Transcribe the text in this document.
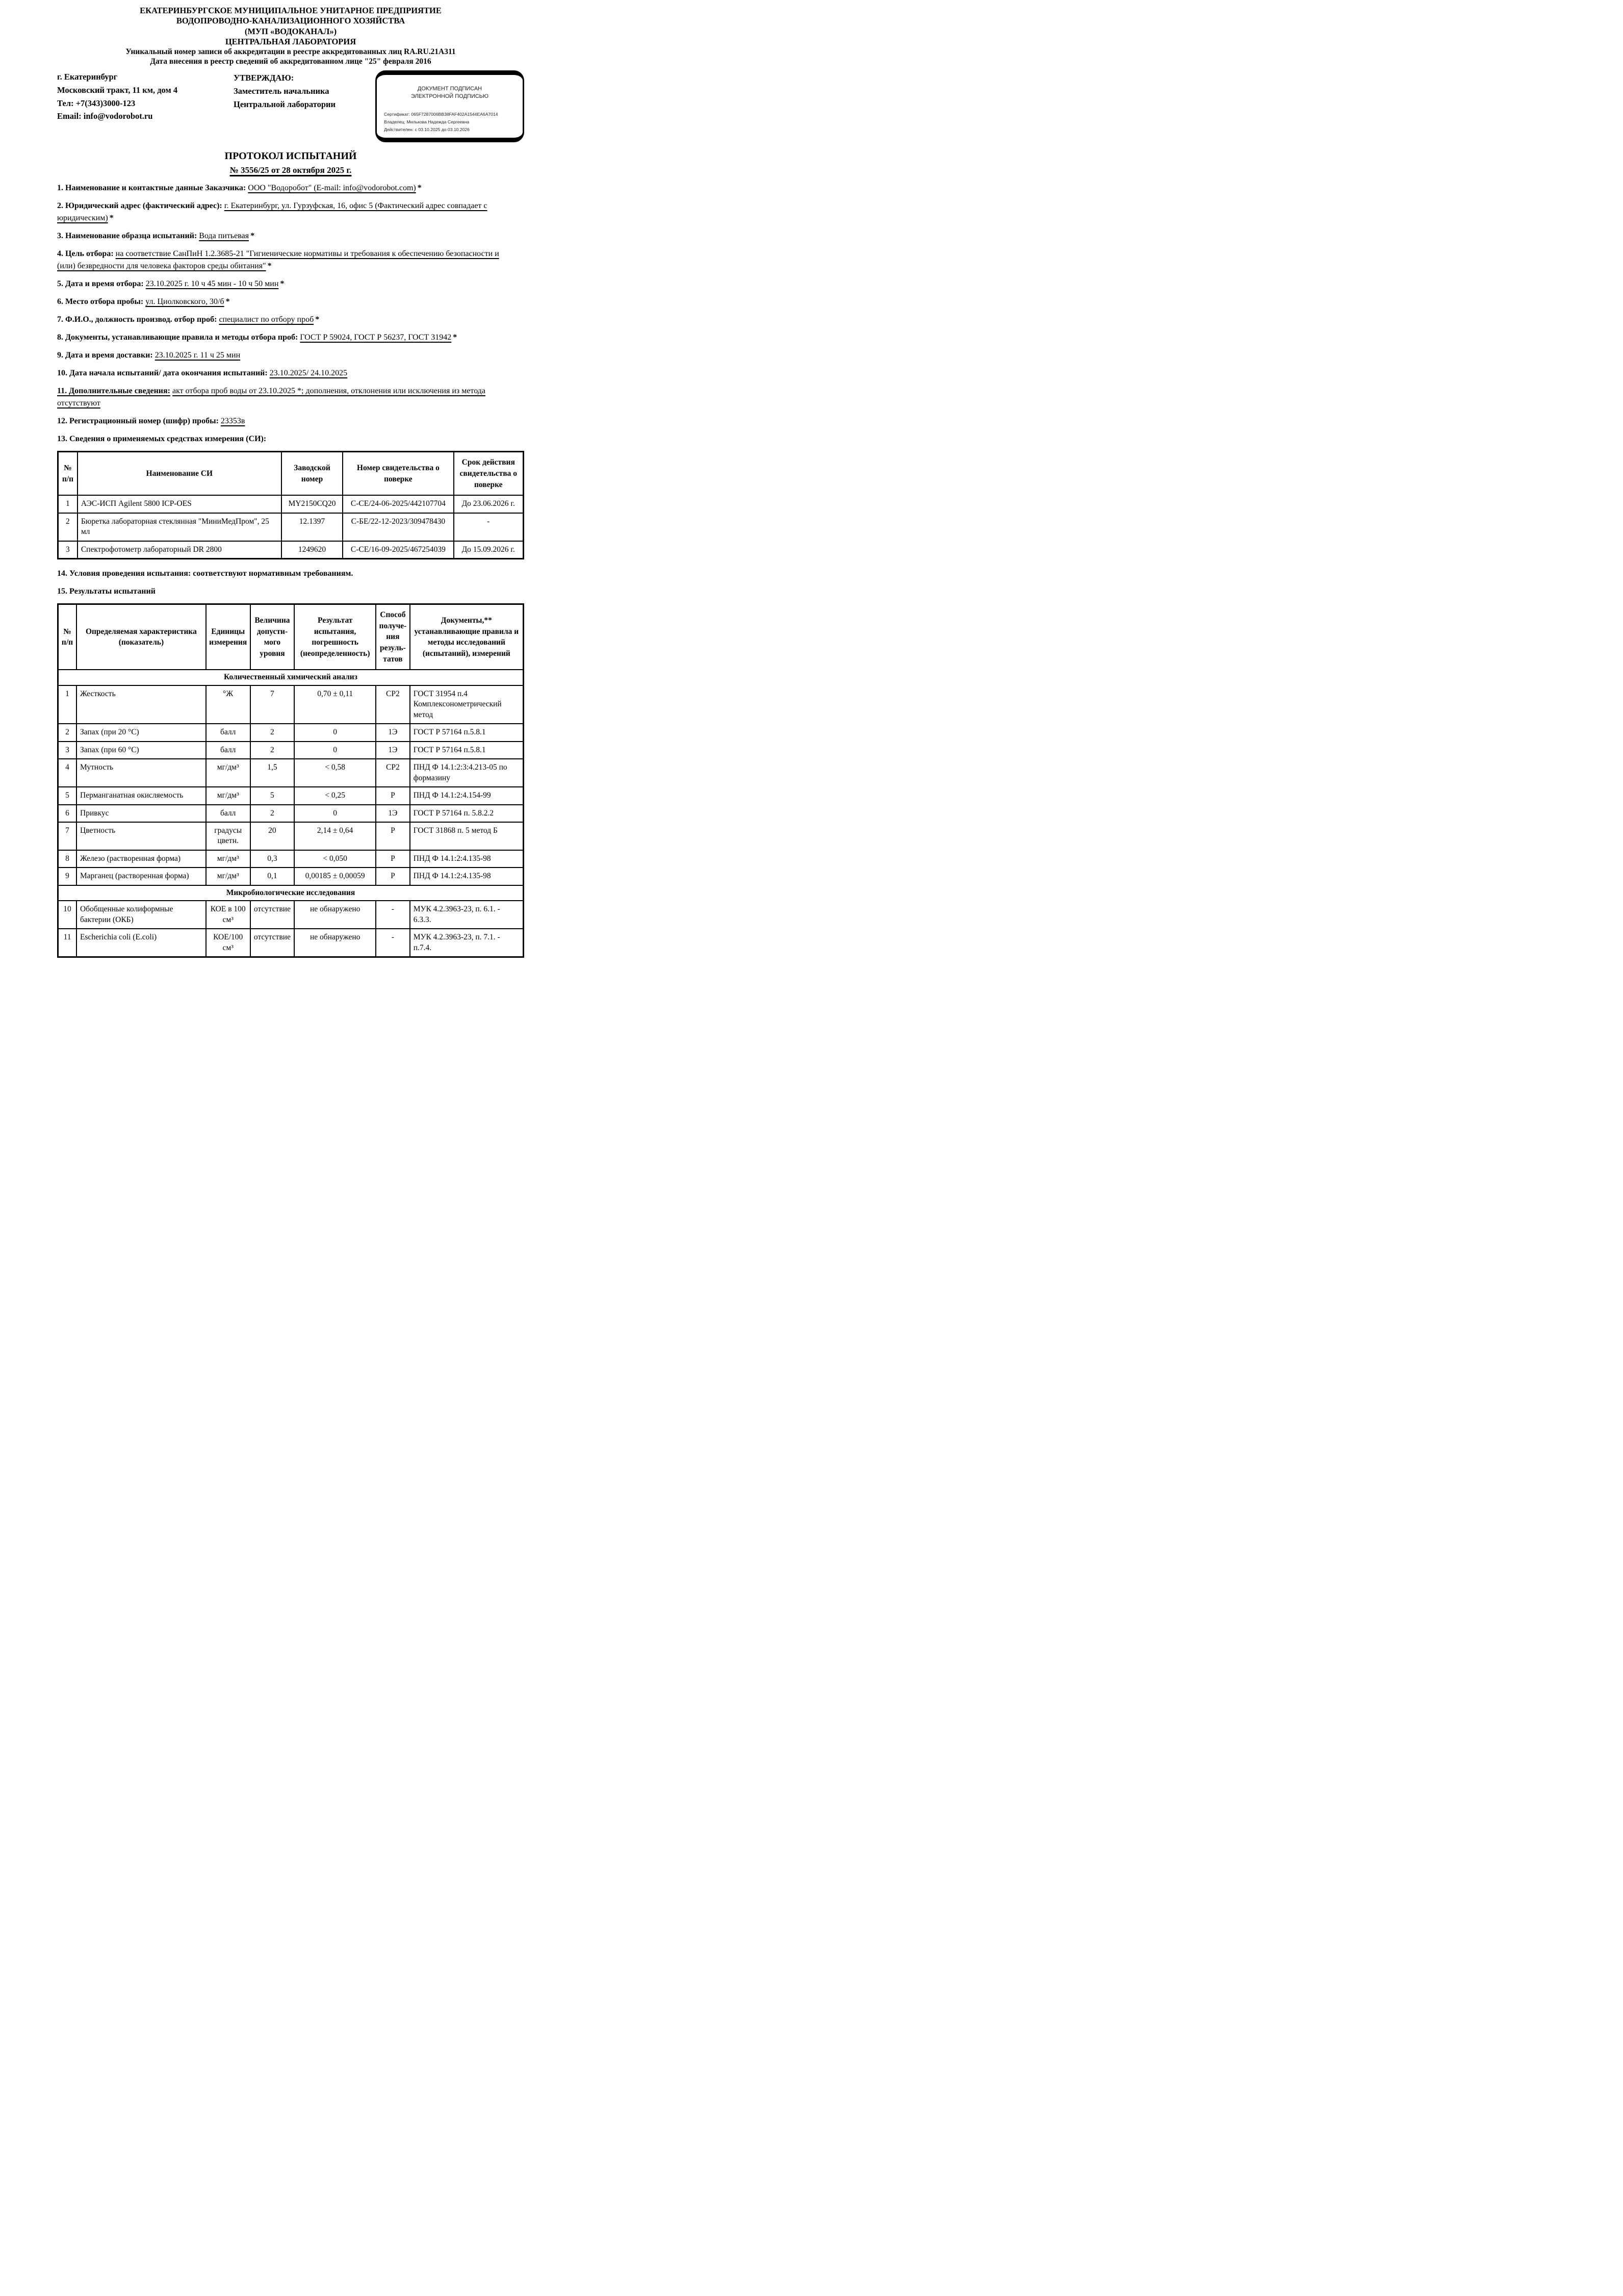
ЕКАТЕРИНБУРГСКОЕ МУНИЦИПАЛЬНОЕ УНИТАРНОЕ ПРЕДПРИЯТИЕ
ВОДОПРОВОДНО-КАНАЛИЗАЦИОННОГО ХОЗЯЙСТВА
(МУП «ВОДОКАНАЛ»)
ЦЕНТРАЛЬНАЯ ЛАБОРАТОРИЯ
Уникальный номер записи об аккредитации в реестре аккредитованных лиц RA.RU.21А311
Дата внесения в реестр сведений об аккредитованном лице "25" февраля 2016
г. Екатеринбург
Московский тракт, 11 км, дом 4
Тел: +7(343)3000-123
Email: info@vodorobot.ru
УТВЕРЖДАЮ:
Заместитель начальника
Центральной лаборатории
ДОКУМЕНТ ПОДПИСАН
ЭЛЕКТРОННОЙ ПОДПИСЬЮ
Сертификат: 065F7287006BB38FAF402A1544EA6A7014
Владелец: Милькова Надежда Сергеевна
Действителен: с 03.10.2025 до 03.10.2026
ПРОТОКОЛ ИСПЫТАНИЙ
№ 3556/25 от 28 октября 2025 г.

1. Наименование и контактные данные Заказчика: ООО "Водоробот" (E-mail: info@vodorobot.com) *

2. Юридический адрес (фактический адрес): г. Екатеринбург, ул. Гурзуфская, 16, офис 5 (Фактический адрес совпадает с юридическим) *

3. Наименование образца испытаний: Вода питьевая *

4. Цель отбора: на соответствие СанПиН 1.2.3685-21 "Гигиенические нормативы и требования к обеспечению безопасности и (или) безвредности для человека факторов среды обитания" *

5. Дата и время отбора: 23.10.2025 г. 10 ч 45 мин - 10 ч 50 мин *

6. Место отбора пробы: ул. Циолковского, 30/б *

7. Ф.И.О., должность производ. отбор проб: специалист по отбору проб *

8. Документы, устанавливающие правила и методы отбора проб: ГОСТ Р 59024, ГОСТ Р 56237, ГОСТ 31942 *

9. Дата и время доставки: 23.10.2025 г. 11 ч 25 мин

10. Дата начала испытаний/ дата окончания испытаний: 23.10.2025/ 24.10.2025

11. Дополнительные сведения: акт отбора проб воды от 23.10.2025 *; дополнения, отклонения или исключения из метода отсутствуют

12. Регистрационный номер (шифр) пробы: 23353в

13. Сведения о применяемых средствах измерения (СИ):

№ п/п	Наименование СИ	Заводской номер	Номер свидетельства о поверке	Срок действия свидетельства о поверке
1	АЭС-ИСП Agilent 5800 ICP-OES	MY2150CQ20	С-СЕ/24-06-2025/442107704	До 23.06.2026 г.
2	Бюретка лабораторная стеклянная "МиниМедПром", 25 мл	12.1397	С-БЕ/22-12-2023/309478430	-
3	Спектрофотометр лабораторный DR 2800	1249620	С-СЕ/16-09-2025/467254039	До 15.09.2026 г.

14. Условия проведения испытания: соответствуют нормативным требованиям.

15. Результаты испытаний

№ п/п	Определяемая характеристика (показатель)	Единицы измерения	Величина допусти-мого уровня	Результат испытания, погрешность (неопределенность)	Способ получе-ния резуль-татов	Документы,** устанавливающие правила и методы исследований (испытаний), измерений
Количественный химический анализ						
1	Жесткость	°Ж	7	0,70 ± 0,11	СР2	ГОСТ 31954 п.4 Комплексонометрический метод
2	Запах (при 20 °С)	балл	2	0	1Э	ГОСТ Р 57164 п.5.8.1
3	Запах (при 60 °С)	балл	2	0	1Э	ГОСТ Р 57164 п.5.8.1
4	Мутность	мг/дм³	1,5	< 0,58	СР2	ПНД Ф 14.1:2:3:4.213-05 по формазину
5	Перманганатная окисляемость	мг/дм³	5	< 0,25	Р	ПНД Ф 14.1:2:4.154-99
6	Привкус	балл	2	0	1Э	ГОСТ Р 57164 п. 5.8.2.2
7	Цветность	градусы цветн.	20	2,14 ± 0,64	Р	ГОСТ 31868 п. 5 метод Б
8	Железо (растворенная форма)	мг/дм³	0,3	< 0,050	Р	ПНД Ф 14.1:2:4.135-98
9	Марганец (растворенная форма)	мг/дм³	0,1	0,00185 ± 0,00059	Р	ПНД Ф 14.1:2:4.135-98
Микробиологические исследования						
10	Обобщенные колиформные бактерии (ОКБ)	КОЕ в 100 см³	отсутствие	не обнаружено	-	МУК 4.2.3963-23, п. 6.1. - 6.3.3.
11	Escherichia coli (E.coli)	КОЕ/100 см³	отсутствие	не обнаружено	-	МУК 4.2.3963-23, п. 7.1. - п.7.4.
